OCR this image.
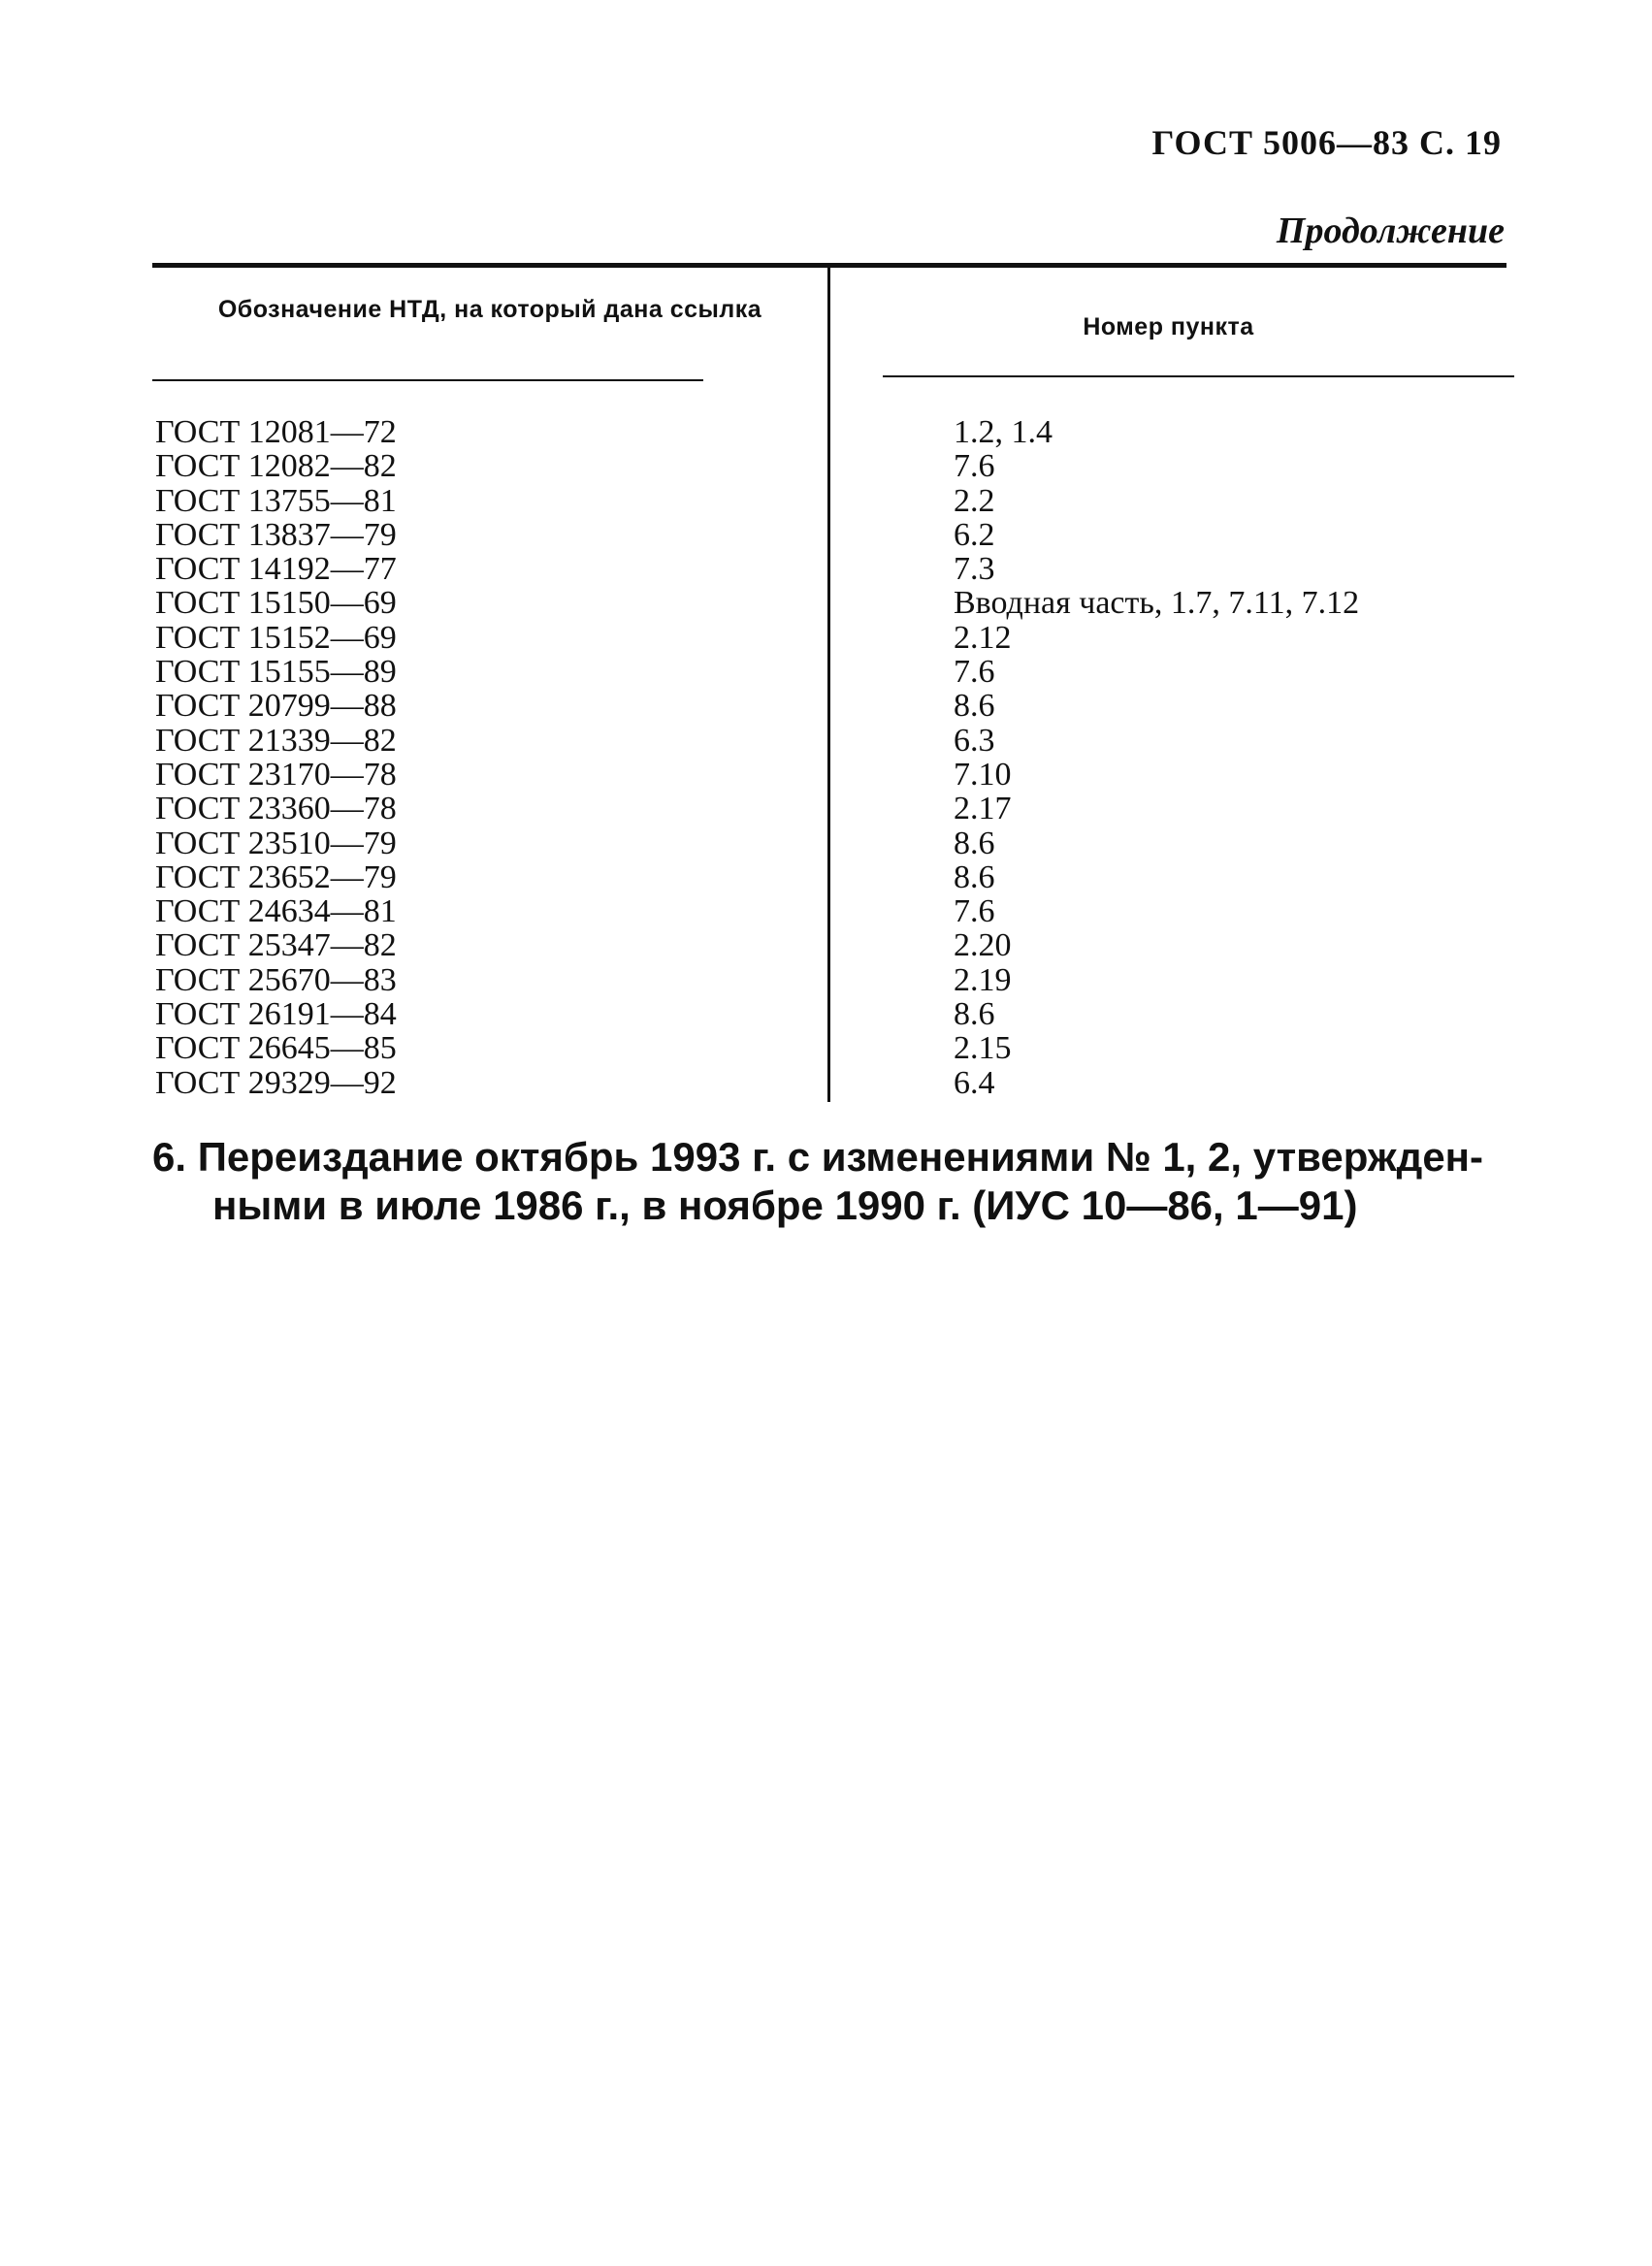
ГОСТ 5006—83 С. 19
Продолжение
Обозначение НТД, на который дана ссылка
Номер пункта
ГОСТ 12081—72	1.2, 1.4
ГОСТ 12082—82	7.6
ГОСТ 13755—81	2.2
ГОСТ 13837—79	6.2
ГОСТ 14192—77	7.3
ГОСТ 15150—69	Вводная часть, 1.7, 7.11, 7.12
ГОСТ 15152—69	2.12
ГОСТ 15155—89	7.6
ГОСТ 20799—88	8.6
ГОСТ 21339—82	6.3
ГОСТ 23170—78	7.10
ГОСТ 23360—78	2.17
ГОСТ 23510—79	8.6
ГОСТ 23652—79	8.6
ГОСТ 24634—81	7.6
ГОСТ 25347—82	2.20
ГОСТ 25670—83	2.19
ГОСТ 26191—84	8.6
ГОСТ 26645—85	2.15
ГОСТ 29329—92	6.4
6. Переиздание октябрь 1993 г. с изменениями № 1, 2, утвержден-
ными в июле 1986 г., в ноябре 1990 г. (ИУС 10—86, 1—91)
